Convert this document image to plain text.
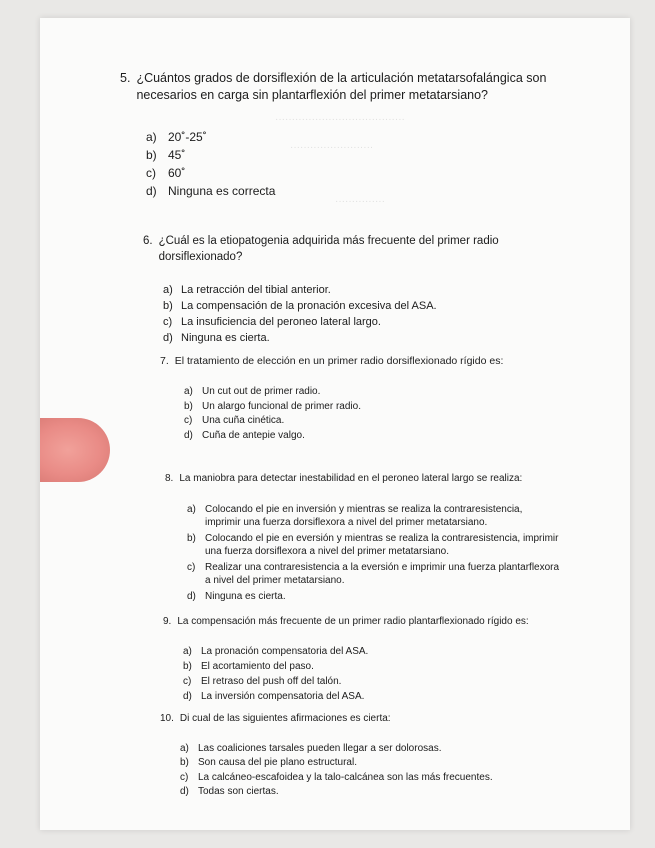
·······································
·························
···············
5. ¿Cuántos grados de dorsiflexión de la articulación metatarsofalángica son necesarios en carga sin plantarflexión del primer metatarsiano?
a) 20˚-25˚
b) 45˚
c)	60˚
d) Ninguna es correcta
6. ¿Cuál es la etiopatogenia adquirida más frecuente del primer radio dorsiflexionado?
a) La retracción del tibial anterior.
b) La compensación de la pronación excesiva del ASA.
c) La insuficiencia del peroneo lateral largo.
d) Ninguna es cierta.
7. El tratamiento de elección en un primer radio dorsiflexionado rígido es:
a) Un cut out de primer radio.
b) Un alargo funcional de primer radio.
c) Una cuña cinética.
d) Cuña de antepie valgo.
8. La maniobra para detectar inestabilidad en el peroneo lateral largo se realiza:
a) Colocando el pie en inversión y mientras se realiza la contraresistencia, imprimir una fuerza dorsiflexora a nivel del primer metatarsiano.
b) Colocando el pie en eversión y mientras se realiza la contraresistencia, imprimir una fuerza dorsiflexora a nivel del primer metatarsiano.
c) Realizar una contraresistencia a la eversión e imprimir una fuerza plantarflexora a nivel del primer metatarsiano.
d) Ninguna es cierta.
9. La compensación más frecuente de un primer radio plantarflexionado rígido es:
a) La pronación compensatoria del ASA.
b) El acortamiento del paso.
c) El retraso del push off del talón.
d) La inversión compensatoria del ASA.
10. Di cual de las siguientes afirmaciones es cierta:
a) Las coaliciones tarsales pueden llegar a ser dolorosas.
b) Son causa del pie plano estructural.
c) La calcáneo-escafoidea y la talo-calcánea son las más frecuentes.
d) Todas son ciertas.
